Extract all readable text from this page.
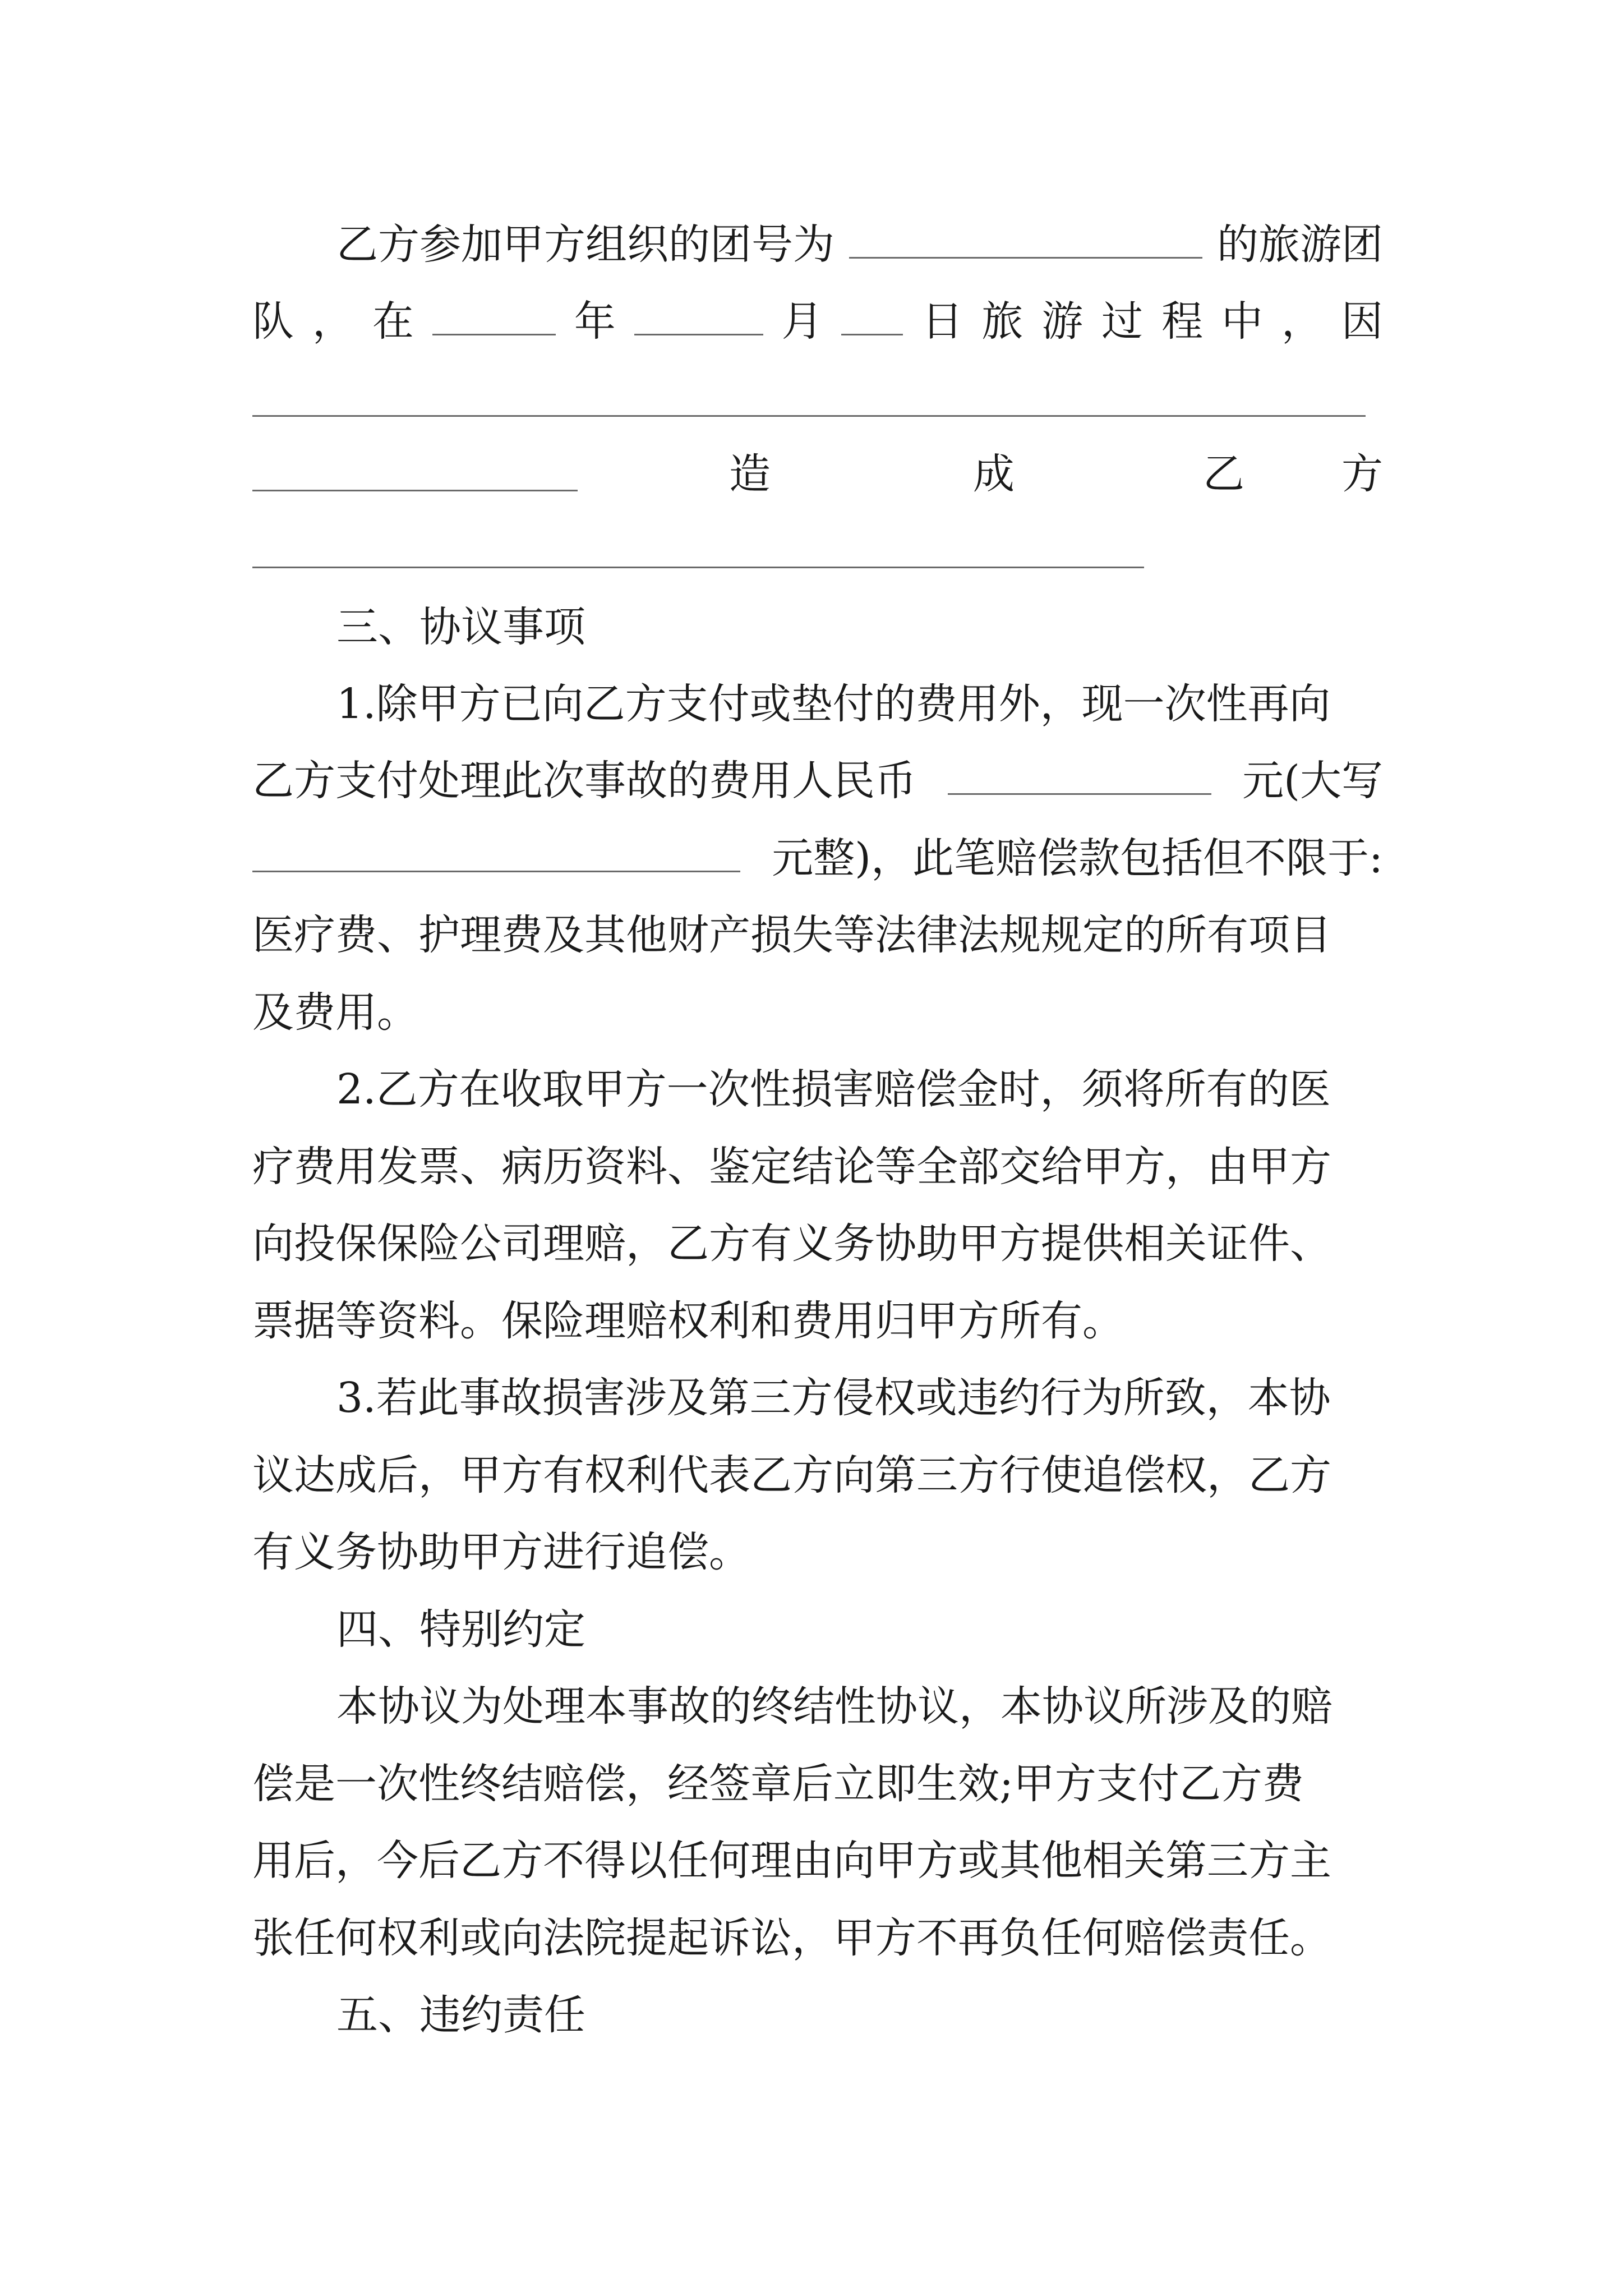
乙方参加甲方组织的团号为	的旅游团
队 ， 在	年	月 日 旅 游 过 程 中 ， 因
造	成	乙 方
三、协议事项
1.除甲方已向乙方支付或垫付的费用外，现一次性再向
乙方支付处理此次事故的费用人民币	元(大写
元整)，此笔赔偿款包括但不限于:
医疗费、护理费及其他财产损失等法律法规规定的所有项目
及费用。
2.乙方在收取甲方一次性损害赔偿金时，须将所有的医
疗费用发票、病历资料、鉴定结论等全部交给甲方，由甲方
向投保保险公司理赔，乙方有义务协助甲方提供相关证件、
票据等资料。保险理赔权利和费用归甲方所有。
3.若此事故损害涉及第三方侵权或违约行为所致，本协
议达成后，甲方有权利代表乙方向第三方行使追偿权，乙方
有义务协助甲方进行追偿。
四、特别约定
本协议为处理本事故的终结性协议，本协议所涉及的赔
偿是一次性终结赔偿，经签章后立即生效;甲方支付乙方费
用后，今后乙方不得以任何理由向甲方或其他相关第三方主
张任何权利或向法院提起诉讼，甲方不再负任何赔偿责任。
五、违约责任
